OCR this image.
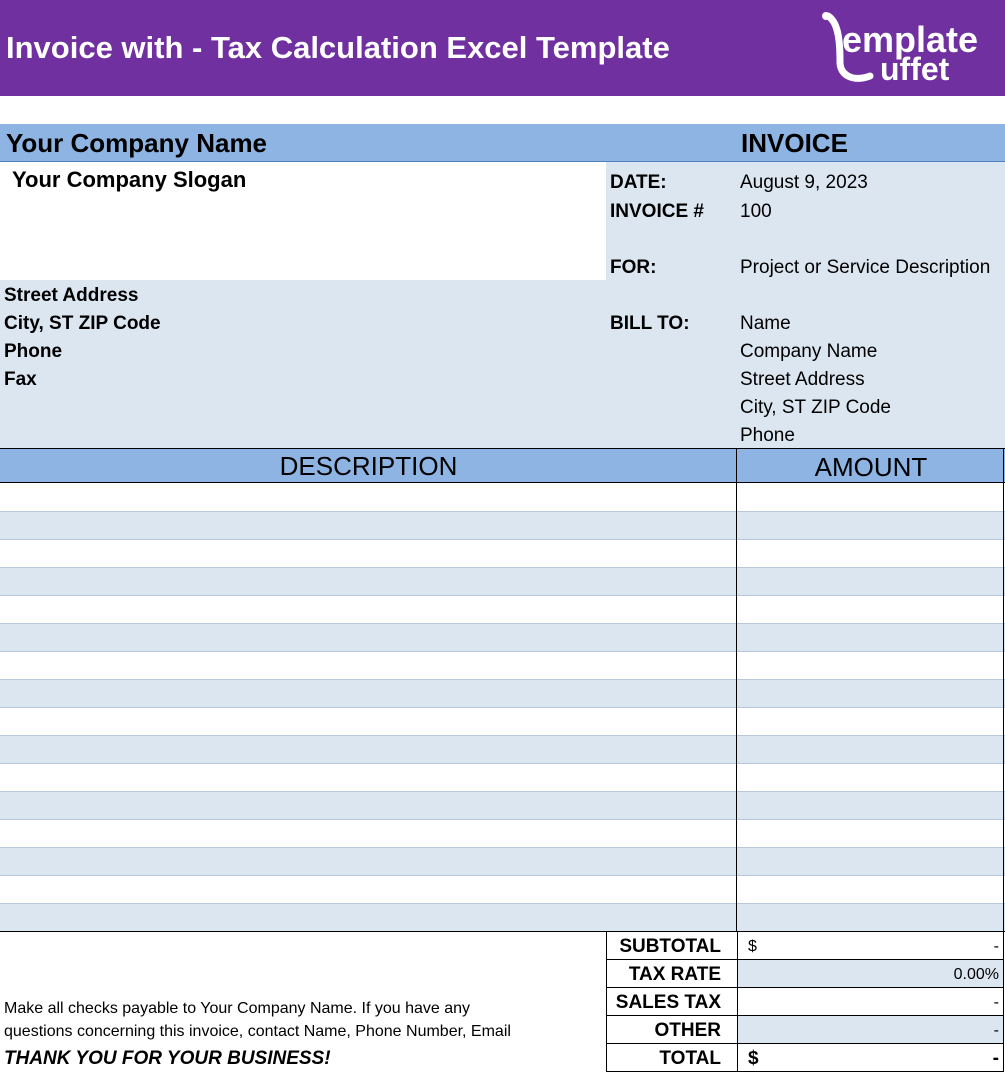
Invoice with - Tax Calculation Excel Template	emplate
uffet
Your Company Name	INVOICE
Your Company Slogan	DATE:	August 9, 2023
INVOICE # 100
FOR:	Project or Service Description
Street Address
City, ST ZIP Code
Phone
Fax
BILL TO:	Name
Company Name
Street Address
City, ST ZIP Code
Phone
DESCRIPTION	AMOUNT
SUBTOTAL	$	-
TAX RATE	0.00%
SALES TAX	-
OTHER	-
TOTAL	$	-
Make all checks payable to Your Company Name. If you have any
questions concerning this invoice, contact Name, Phone Number, Email
THANK YOU FOR YOUR BUSINESS!
